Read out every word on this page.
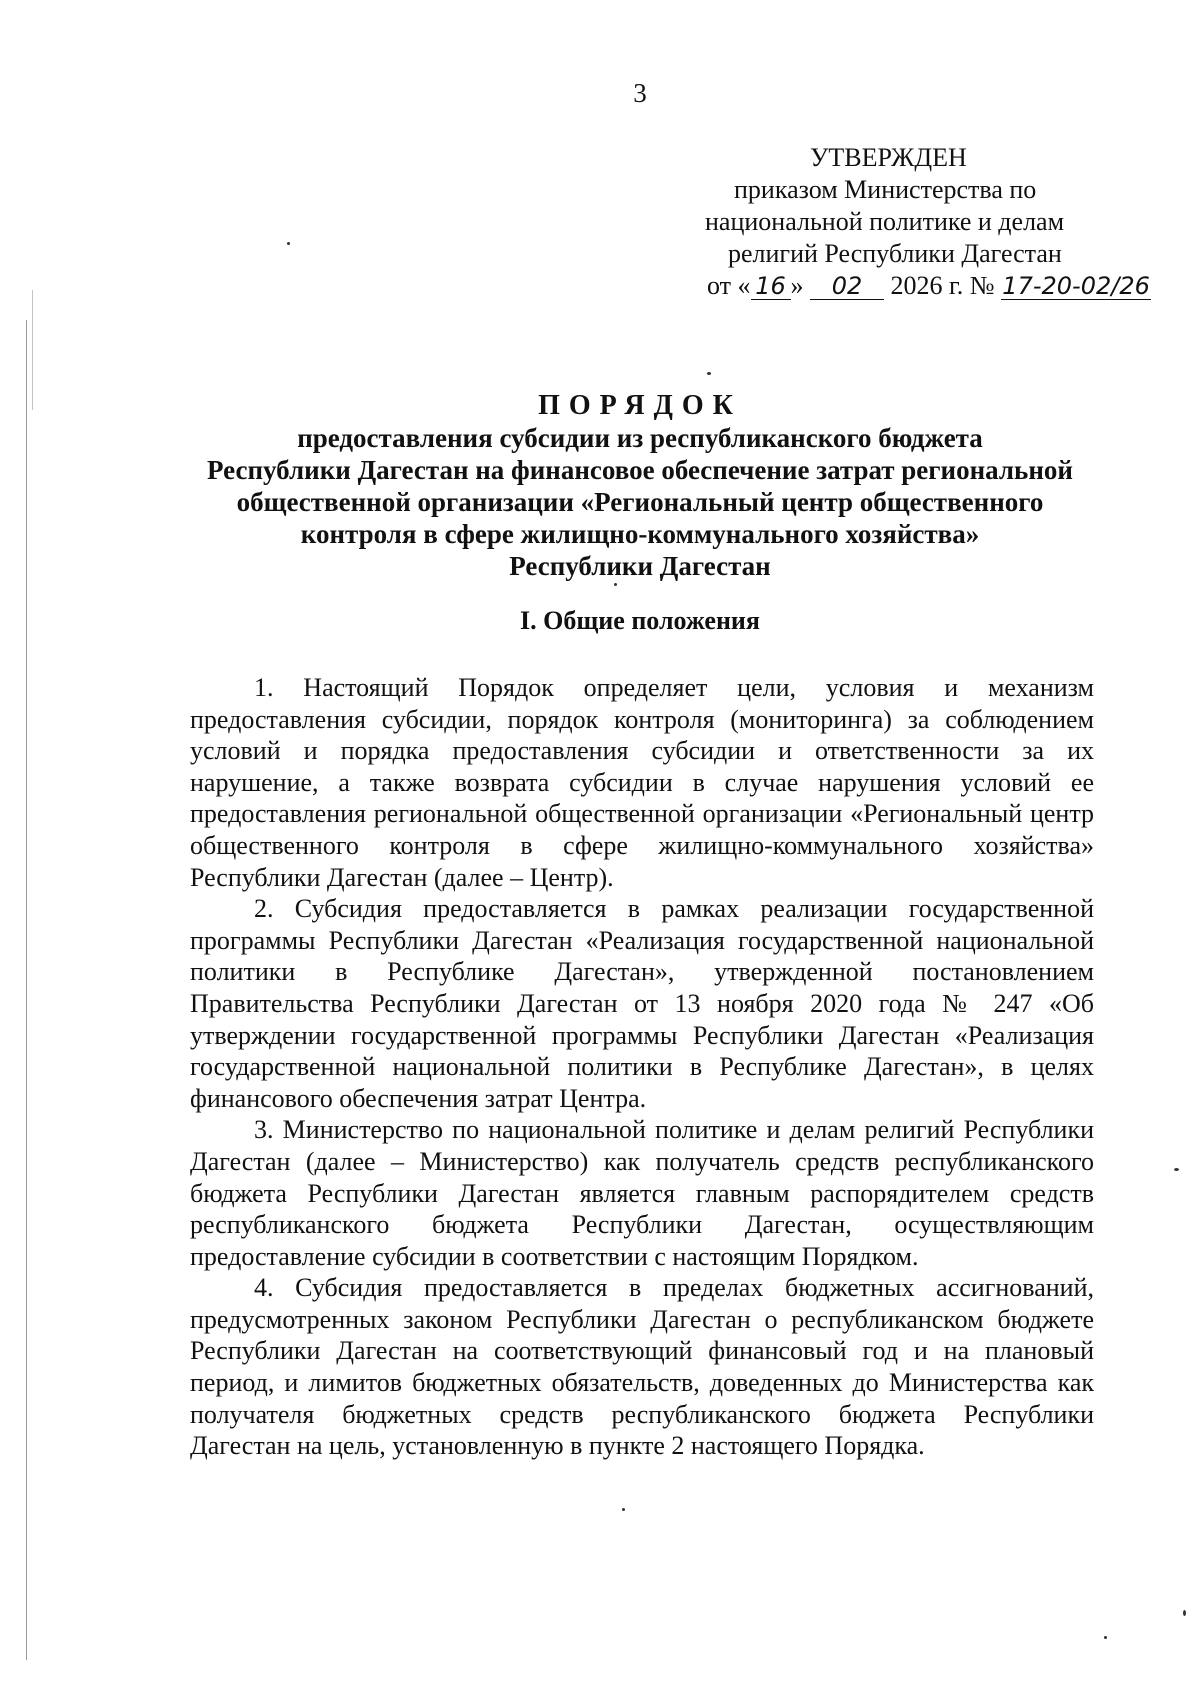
3
УТВЕРЖДЕН
приказом Министерства по
национальной политике и делам
религий Республики Дагестан
от « 16 » 02 2026 г. № 17-20-02/26
ПОРЯДОК
предоставления субсидии из республиканского бюджета
Республики Дагестан на финансовое обеспечение затрат региональной
общественной организации «Региональный центр общественного
контроля в сфере жилищно-коммунального хозяйства»
Республики Дагестан
I. Общие положения

1. Настоящий Порядок определяет цели, условия и механизм предоставления субсидии, порядок контроля (мониторинга) за соблюдением условий и порядка предоставления субсидии и ответственности за их нарушение, а также возврата субсидии в случае нарушения условий ее предоставления региональной общественной организации «Региональный центр общественного контроля в сфере жилищно-коммунального хозяйства» Республики Дагестан (далее – Центр).

2. Субсидия предоставляется в рамках реализации государственной программы Республики Дагестан «Реализация государственной национальной политики в Республике Дагестан», утвержденной постановлением Правительства Республики Дагестан от 13 ноября 2020 года № 247 «Об утверждении государственной программы Республики Дагестан «Реализация государственной национальной политики в Республике Дагестан», в целях финансового обеспечения затрат Центра.

3. Министерство по национальной политике и делам религий Республики Дагестан (далее – Министерство) как получатель средств республиканского бюджета Республики Дагестан является главным распорядителем средств республиканского бюджета Республики Дагестан, осуществляющим предоставление субсидии в соответствии с настоящим Порядком.

4. Субсидия предоставляется в пределах бюджетных ассигнований, предусмотренных законом Республики Дагестан о республиканском бюджете Республики Дагестан на соответствующий финансовый год и на плановый период, и лимитов бюджетных обязательств, доведенных до Министерства как получателя бюджетных средств республиканского бюджета Республики Дагестан на цель, установленную в пункте 2 настоящего Порядка.
